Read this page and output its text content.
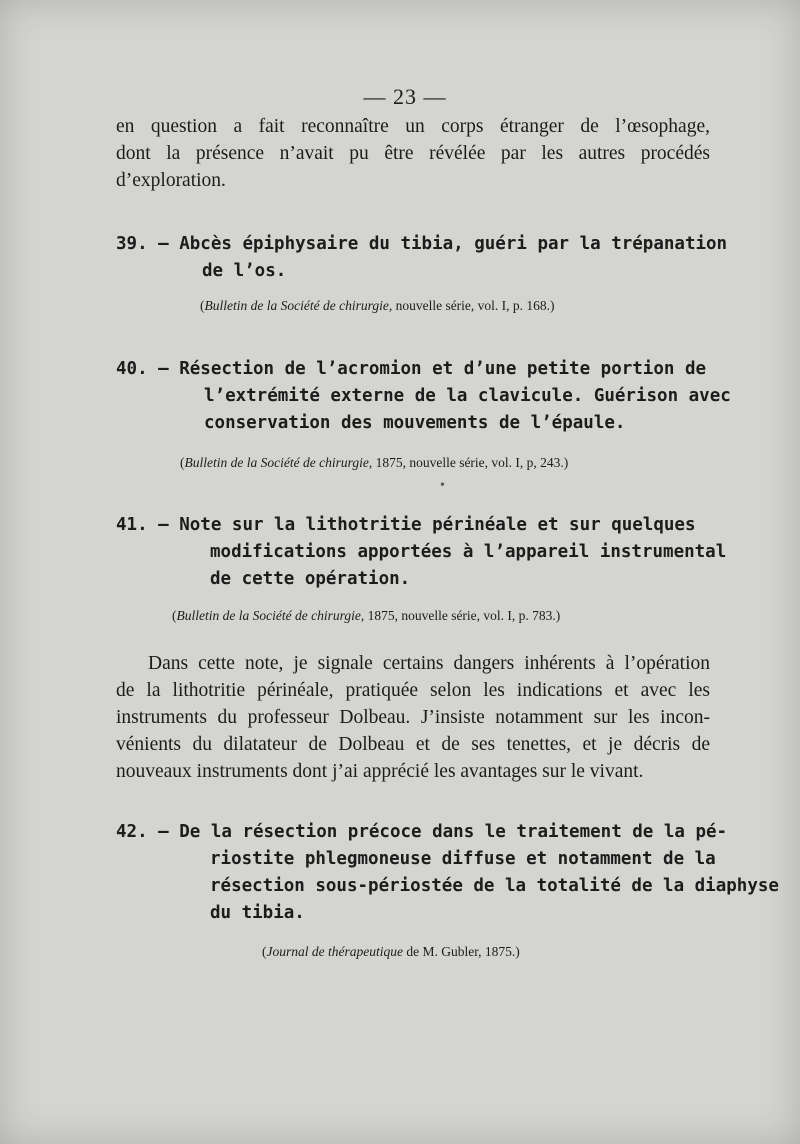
— 23 —
en question a fait reconnaître un corps étranger de l’œsophage,
dont la présence n’avait pu être révélée par les autres procédés
d’exploration.
39. — Abcès épiphysaire du tibia, guéri par la trépanation
de l’os.
(Bulletin de la Société de chirurgie, nouvelle série, vol. I, p. 168.)
40. — Résection de l’acromion et d’une petite portion de
l’extrémité externe de la clavicule. Guérison avec
conservation des mouvements de l’épaule.
(Bulletin de la Société de chirurgie, 1875, nouvelle série, vol. I, p, 243.)
41. — Note sur la lithotritie périnéale et sur quelques
modifications apportées à l’appareil instrumental
de cette opération.
(Bulletin de la Société de chirurgie, 1875, nouvelle série, vol. I, p. 783.)
Dans cette note, je signale certains dangers inhérents à l’opération
de la lithotritie périnéale, pratiquée selon les indications et avec les
instruments du professeur Dolbeau. J’insiste notamment sur les incon-
vénients du dilatateur de Dolbeau et de ses tenettes, et je décris de
nouveaux instruments dont j’ai apprécié les avantages sur le vivant.
42. — De la résection précoce dans le traitement de la pé-
riostite phlegmoneuse diffuse et notamment de la
résection sous-périostée de la totalité de la diaphyse
du tibia.
(Journal de thérapeutique de M. Gubler, 1875.)
•
